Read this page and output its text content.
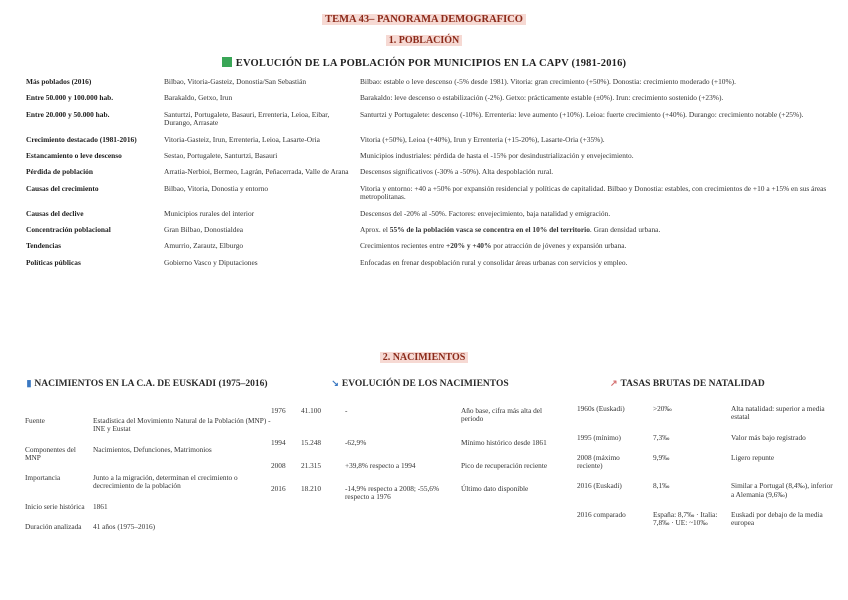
TEMA 43– PANORAMA DEMOGRAFICO
1. POBLACIÓN
EVOLUCIÓN DE LA POBLACIÓN POR MUNICIPIOS EN LA CAPV (1981-2016)
Más poblados (2016)	Bilbao, Vitoria-Gasteiz, Donostia/San Sebastián	Bilbao: estable o leve descenso (-5% desde 1981). Vitoria: gran crecimiento (+50%). Donostia: crecimiento moderado (+10%).
Entre 50.000 y 100.000 hab.	Barakaldo, Getxo, Irun	Barakaldo: leve descenso o estabilización (-2%). Getxo: prácticamente estable (±0%). Irun: crecimiento sostenido (+23%).
Entre 20.000 y 50.000 hab.	Santurtzi, Portugalete, Basauri, Errenteria, Leioa, Eibar, Durango, Arrasate	Santurtzi y Portugalete: descenso (-10%). Errenteria: leve aumento (+10%). Leioa: fuerte crecimiento (+40%). Durango: crecimiento notable (+25%).
Crecimiento destacado (1981-2016)	Vitoria-Gasteiz, Irun, Errenteria, Leioa, Lasarte-Oria	Vitoria (+50%), Leioa (+40%), Irun y Errenteria (+15-20%), Lasarte-Oria (+35%).
Estancamiento o leve descenso	Sestao, Portugalete, Santurtzi, Basauri	Municipios industriales: pérdida de hasta el -15% por desindustrialización y envejecimiento.
Pérdida de población	Arratia-Nerbioi, Bermeo, Lagrán, Peñacerrada, Valle de Arana	Descensos significativos (-30% a -50%). Alta despoblación rural.
Causas del crecimiento	Bilbao, Vitoria, Donostia y entorno	Vitoria y entorno: +40 a +50% por expansión residencial y políticas de capitalidad. Bilbao y Donostia: estables, con crecimientos de +10 a +15% en sus áreas metropolitanas.
Causas del declive	Municipios rurales del interior	Descensos del -20% al -50%. Factores: envejecimiento, baja natalidad y emigración.
Concentración poblacional	Gran Bilbao, Donostialdea	Aprox. el 55% de la población vasca se concentra en el 10% del territorio. Gran densidad urbana.
Tendencias	Amurrio, Zarautz, Elburgo	Crecimientos recientes entre +20% y +40% por atracción de jóvenes y expansión urbana.
Políticas públicas	Gobierno Vasco y Diputaciones	Enfocadas en frenar despoblación rural y consolidar áreas urbanas con servicios y empleo.
2. NACIMIENTOS
▮ NACIMIENTOS EN LA C.A. DE EUSKADI (1975–2016)
Fuente	Estadística del Movimiento Natural de la Población (MNP) - INE y Eustat
Componentes del MNP	Nacimientos, Defunciones, Matrimonios
Importancia	Junto a la migración, determinan el crecimiento o decrecimiento de la población
Inicio serie histórica	1861
Duración analizada	41 años (1975–2016)
↘ EVOLUCIÓN DE LOS NACIMIENTOS
1976	41.100	-	Año base, cifra más alta del periodo
1994	15.248	-62,9%	Mínimo histórico desde 1861
2008	21.315	+39,8% respecto a 1994	Pico de recuperación reciente
2016	18.210	-14,9% respecto a 2008; -55,6% respecto a 1976	Último dato disponible
↗ TASAS BRUTAS DE NATALIDAD
1960s (Euskadi)	>20‰	Alta natalidad: superior a media estatal
1995 (mínimo)	7,3‰	Valor más bajo registrado
2008 (máximo reciente)	9,9‰	Ligero repunte
2016 (Euskadi)	8,1‰	Similar a Portugal (8,4‰), inferior a Alemania (9,6‰)
2016 comparado	España: 8,7‰ · Italia: 7,8‰ · UE: ~10‰	Euskadi por debajo de la media europea
